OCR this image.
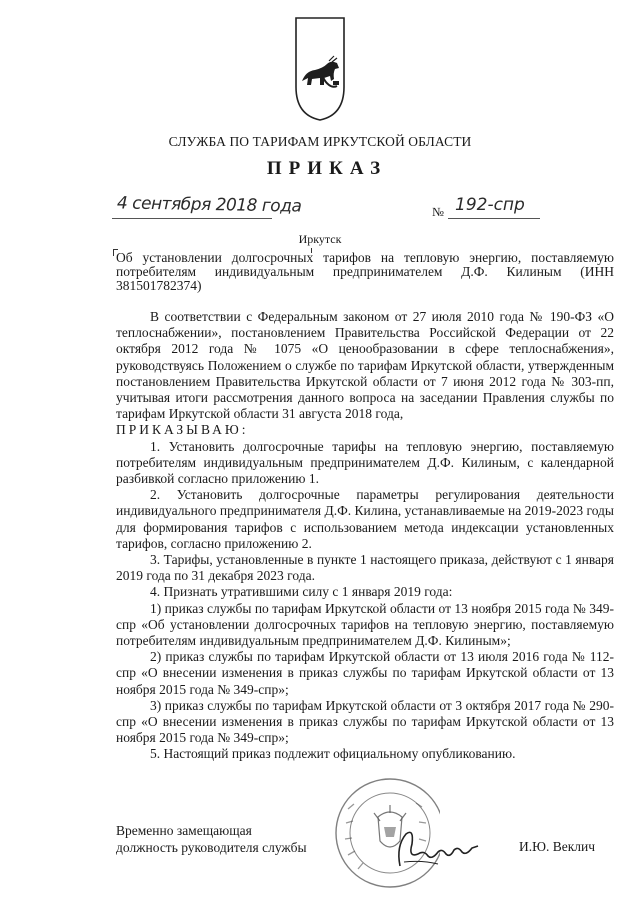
СЛУЖБА ПО ТАРИФАМ ИРКУТСКОЙ ОБЛАСТИ
ПРИКАЗ
4 сентября 2018 года	№ 192-спр
Иркутск
Об установлении долгосрочных тарифов на тепловую энергию, поставляемую потребителям индивидуальным предпринимателем Д.Ф. Килиным (ИНН 381501782374)

В соответствии с Федеральным законом от 27 июля 2010 года № 190-ФЗ «О теплоснабжении», постановлением Правительства Российской Федерации от 22 октября 2012 года № 1075 «О ценообразовании в сфере теплоснабжения», руководствуясь Положением о службе по тарифам Иркутской области, утвержденным постановлением Правительства Иркутской области от 7 июня 2012 года № 303-пп, учитывая итоги рассмотрения данного вопроса на заседании Правления службы по тарифам Иркутской области 31 августа 2018 года,

ПРИКАЗЫВАЮ:

1. Установить долгосрочные тарифы на тепловую энергию, поставляемую потребителям индивидуальным предпринимателем Д.Ф. Килиным, с календарной разбивкой согласно приложению 1.

2. Установить долгосрочные параметры регулирования деятельности индивидуального предпринимателя Д.Ф. Килина, устанавливаемые на 2019-2023 годы для формирования тарифов с использованием метода индексации установленных тарифов, согласно приложению 2.

3. Тарифы, установленные в пункте 1 настоящего приказа, действуют с 1 января 2019 года по 31 декабря 2023 года.

4. Признать утратившими силу с 1 января 2019 года:

1) приказ службы по тарифам Иркутской области от 13 ноября 2015 года № 349-спр «Об установлении долгосрочных тарифов на тепловую энергию, поставляемую потребителям индивидуальным предпринимателем Д.Ф. Килиным»;

2) приказ службы по тарифам Иркутской области от 13 июля 2016 года № 112-спр «О внесении изменения в приказ службы по тарифам Иркутской области от 13 ноября 2015 года № 349-спр»;

3) приказ службы по тарифам Иркутской области от 3 октября 2017 года № 290-спр «О внесении изменения в приказ службы по тарифам Иркутской области от 13 ноября 2015 года № 349-спр»;

5. Настоящий приказ подлежит официальному опубликованию.

Временно замещающая
должность руководителя службы	И.Ю. Веклич
